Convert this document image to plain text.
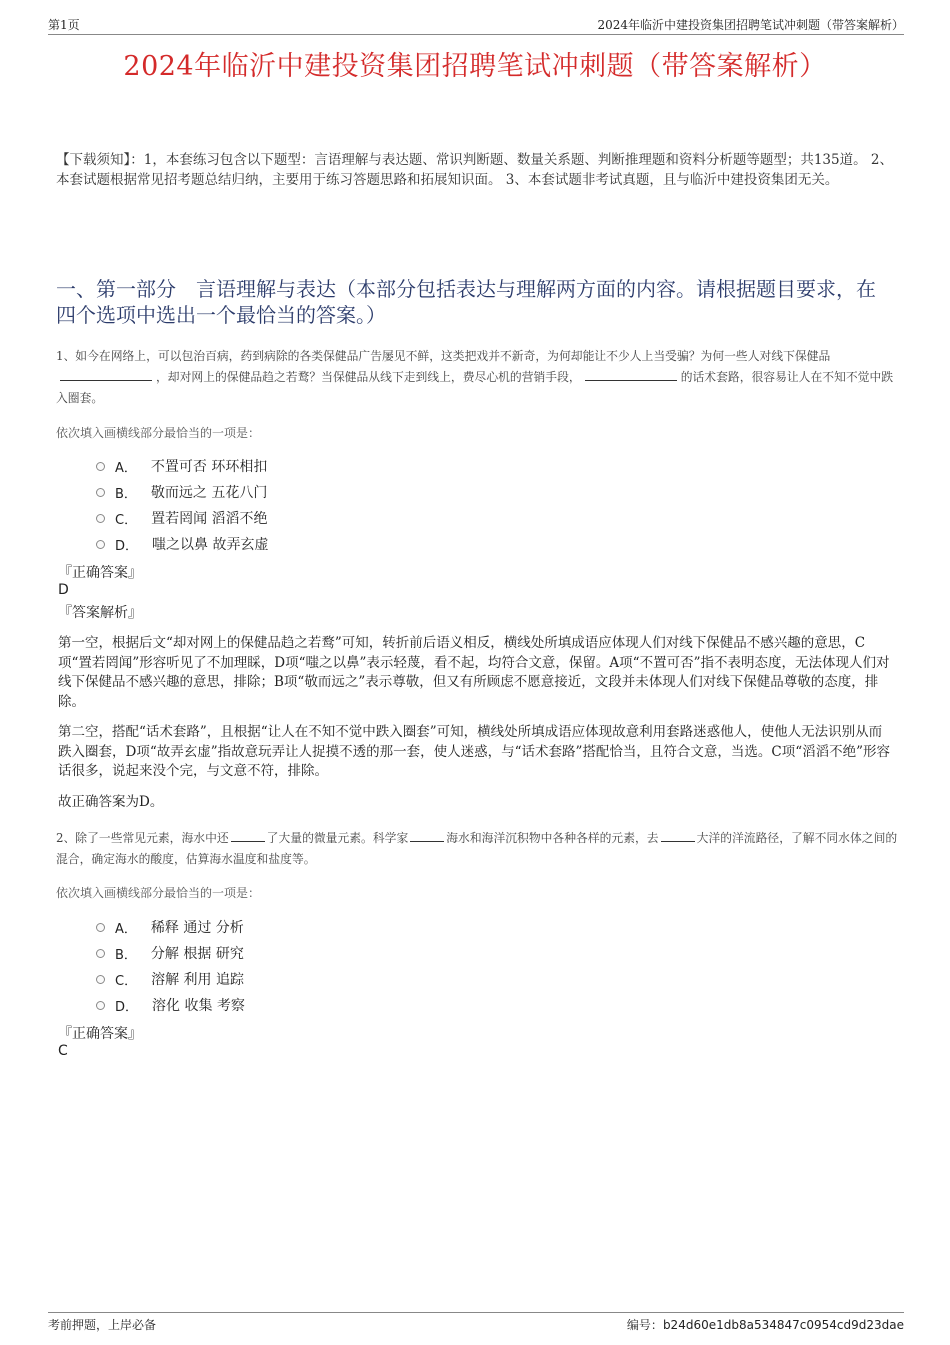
第1页	2024年临沂中建投资集团招聘笔试冲刺题（带答案解析）
2024年临沂中建投资集团招聘笔试冲刺题（带答案解析）
【下载须知】：1，本套练习包含以下题型：言语理解与表达题、常识判断题、数量关系题、判断推理题和资料分析题等题型；共135道。 2、本套试题根据常见招考题总结归纳，主要用于练习答题思路和拓展知识面。 3、本套试题非考试真题，且与临沂中建投资集团无关。
一、第一部分　言语理解与表达（本部分包括表达与理解两方面的内容。请根据题目要求，在四个选项中选出一个最恰当的答案。）
1、如今在网络上，可以包治百病，药到病除的各类保健品广告屡见不鲜，这类把戏并不新奇，为何却能让不少人上当受骗？为何一些人对线下保健品，却对网上的保健品趋之若鹜？当保健品从线下走到线上，费尽心机的营销手段，	的话术套路，很容易让人在不知不觉中跌入圈套。
依次填入画横线部分最恰当的一项是：
A． 不置可否 环环相扣
B． 敬而远之 五花八门
C． 置若罔闻 滔滔不绝
D． 嗤之以鼻 故弄玄虚
『正确答案』
D
『答案解析』
第一空，根据后文“却对网上的保健品趋之若鹜”可知，转折前后语义相反，横线处所填成语应体现人们对线下保健品不感兴趣的意思，C项“置若罔闻”形容听见了不加理睬，D项“嗤之以鼻”表示轻蔑，看不起，均符合文意，保留。A项“不置可否”指不表明态度，无法体现人们对线下保健品不感兴趣的意思，排除；B项“敬而远之”表示尊敬，但又有所顾虑不愿意接近，文段并未体现人们对线下保健品尊敬的态度，排除。
第二空，搭配“话术套路”，且根据“让人在不知不觉中跌入圈套”可知，横线处所填成语应体现故意利用套路迷惑他人，使他人无法识别从而跌入圈套，D项“故弄玄虚”指故意玩弄让人捉摸不透的那一套，使人迷惑，与“话术套路”搭配恰当，且符合文意，当选。C项“滔滔不绝”形容话很多，说起来没个完，与文意不符，排除。
故正确答案为D。
2、除了一些常见元素，海水中还	了大量的微量元素。科学家	海水和海洋沉积物中各种各样的元素，去	大洋的洋流路径，了解不同水体之间的混合，确定海水的酸度，估算海水温度和盐度等。
依次填入画横线部分最恰当的一项是：
A． 稀释 通过 分析
B． 分解 根据 研究
C． 溶解 利用 追踪
D． 溶化 收集 考察
『正确答案』
C
考前押题，上岸必备	编号：b24d60e1db8a534847c0954cd9d23dae
